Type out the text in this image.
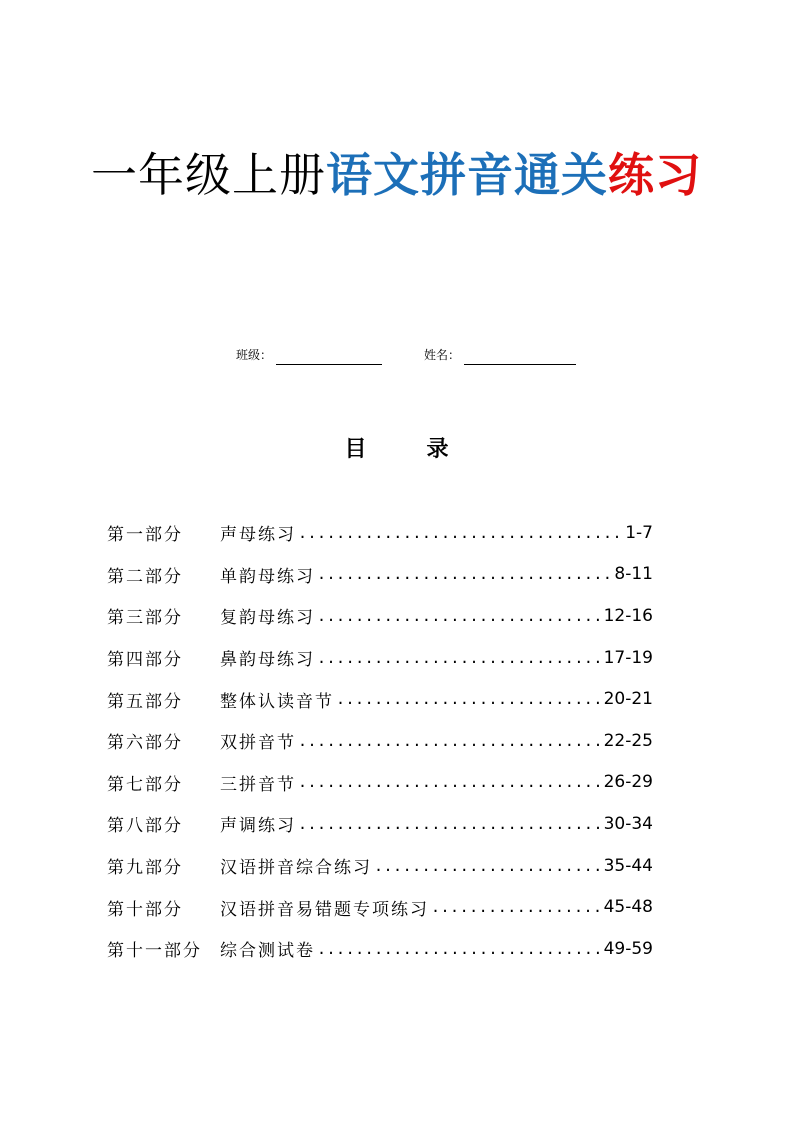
一年级上册语文拼音通关练习
班级：	姓名：
目	录
第一部分	声母练习 .....	1-7
第二部分	单韵母练习 .....	8-11
第三部分	复韵母练习 .....	12-16
第四部分	鼻韵母练习 .....	17-19
第五部分	整体认读音节 .....	20-21
第六部分	双拼音节 .....	22-25
第七部分	三拼音节 .....	26-29
第八部分	声调练习 .....	30-34
第九部分	汉语拼音综合练习 .....	35-44
第十部分	汉语拼音易错题专项练习 .....	45-48
第十一部分	综合测试卷 .....	49-59
